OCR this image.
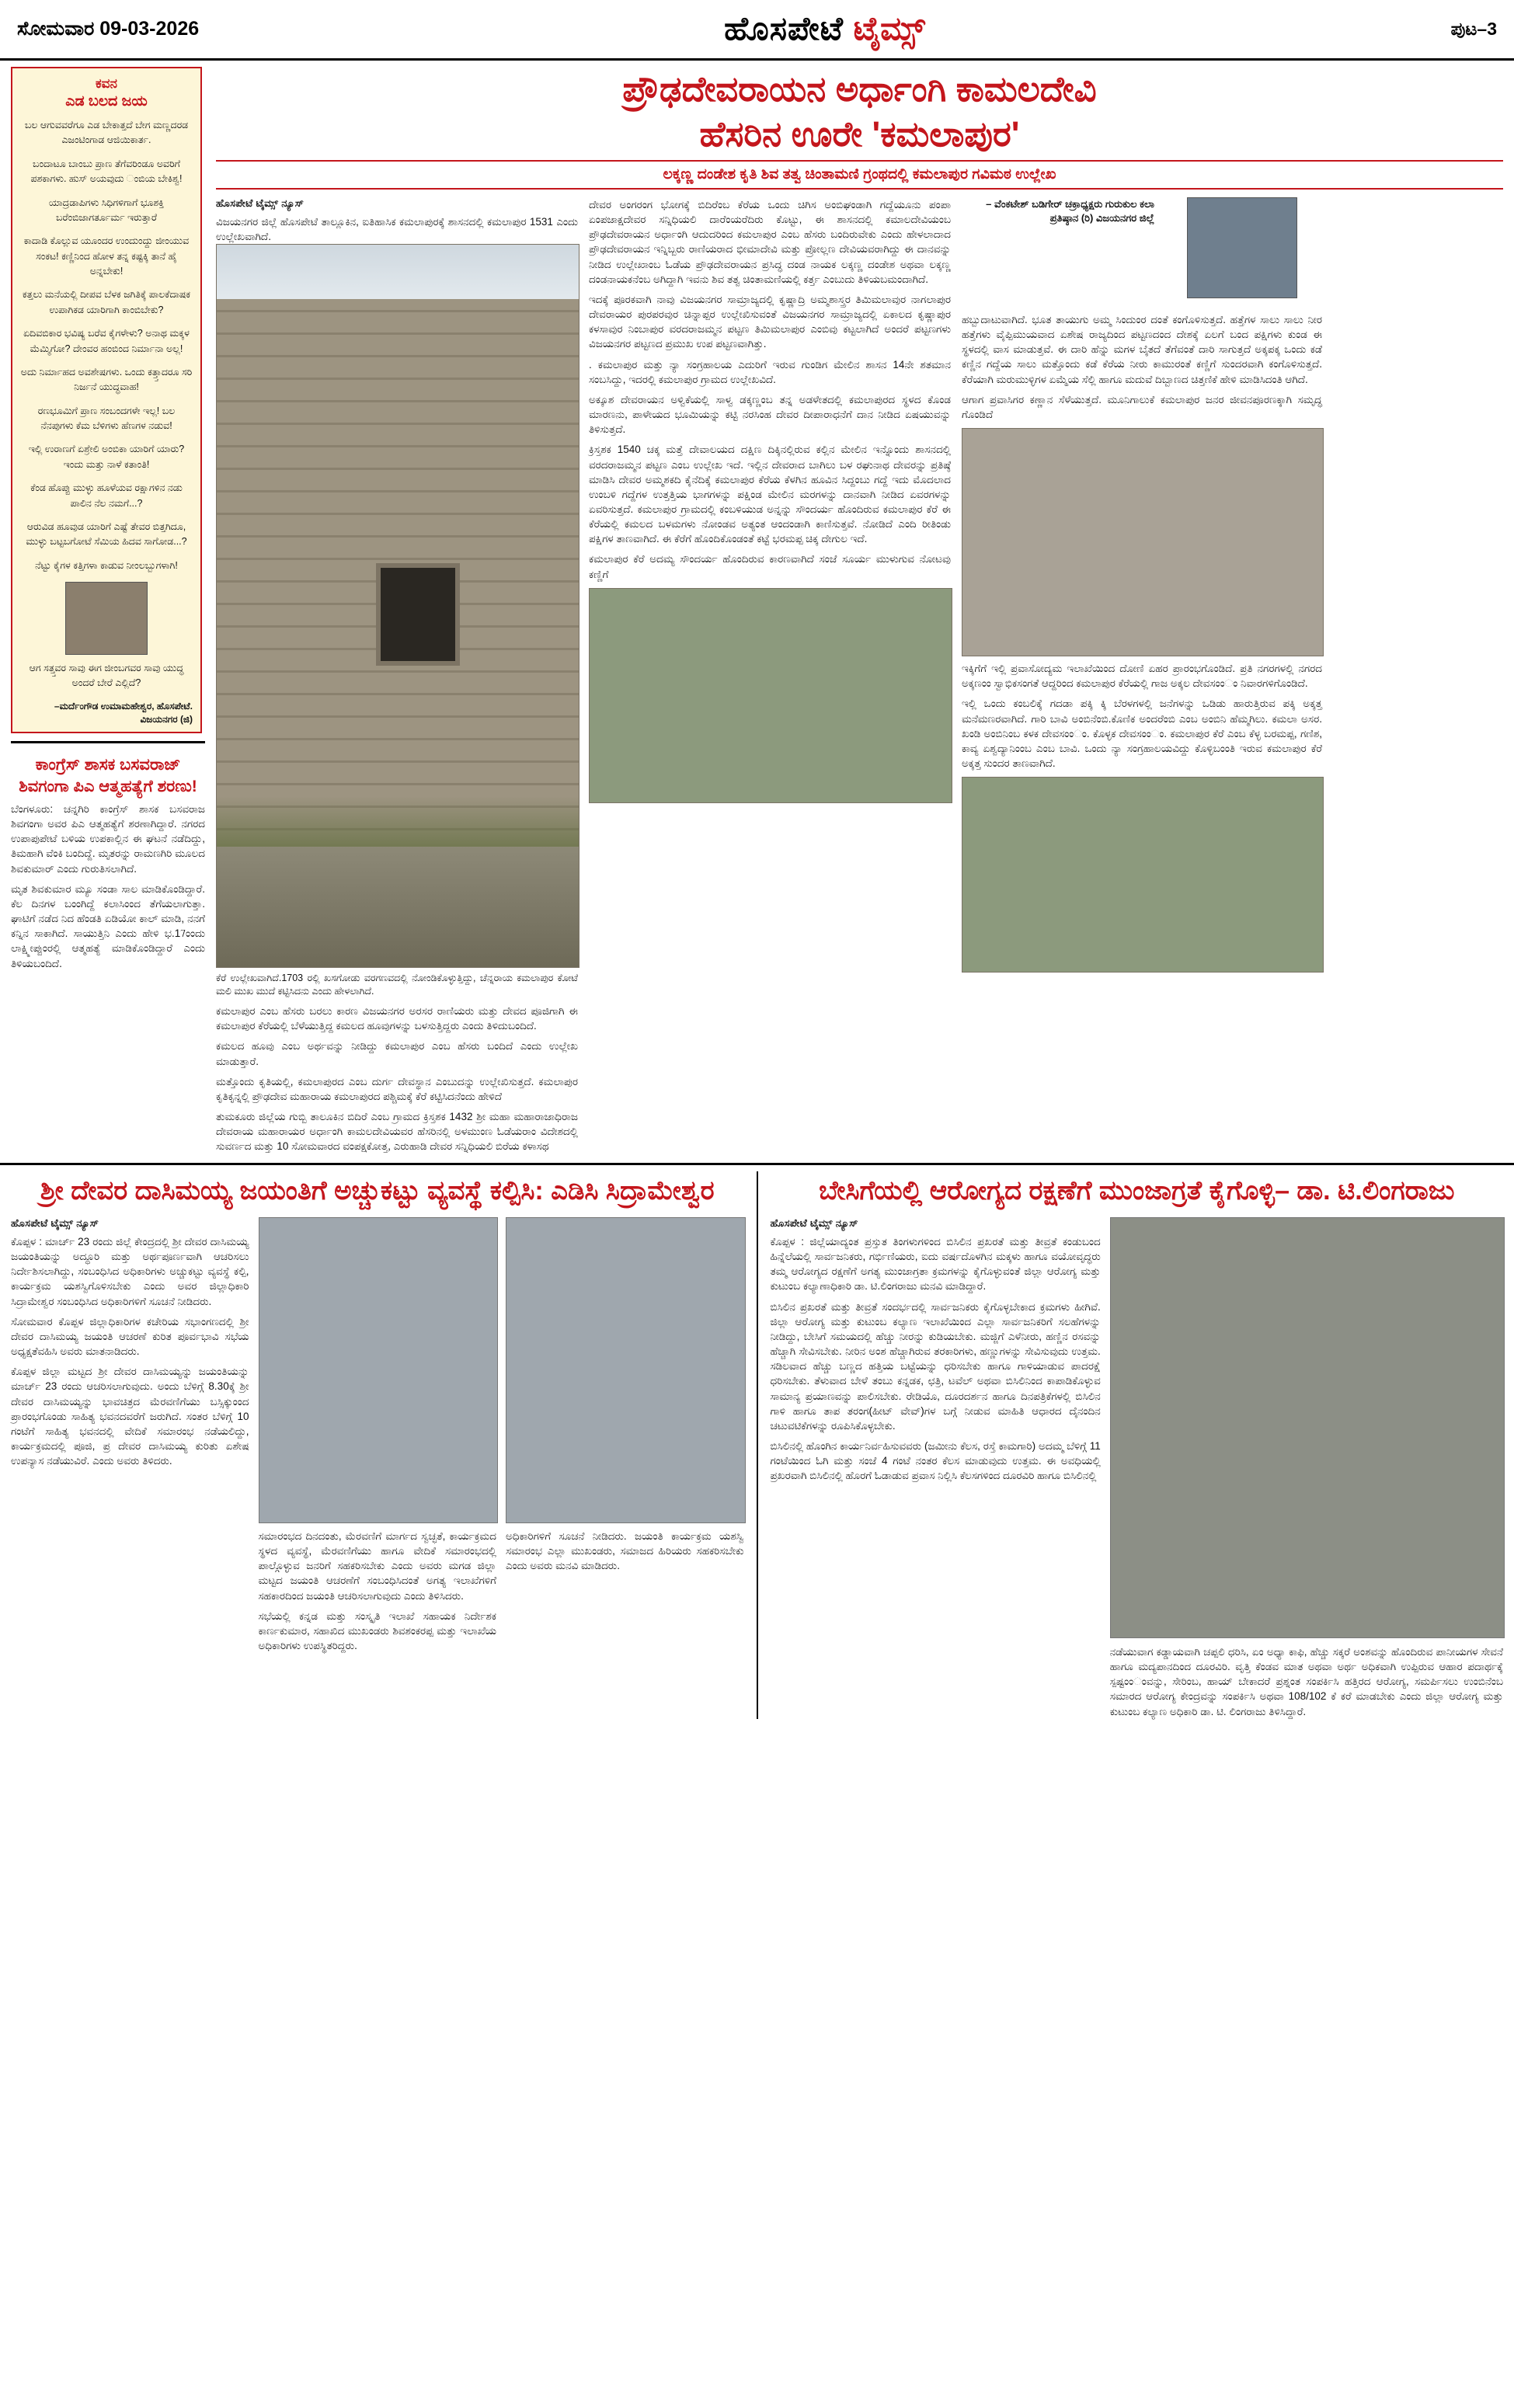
ಸೋಮವಾರ 09-03-2026	ಹೊಸಪೇಟೆ ಟೈಮ್ಸ್	ಪುಟ–3
ಕವನ
ಎಡ ಬಲದ ಜಯ
ಬಲ ಆಗುವವರೆಗೂ ಎಡ ಬೇಕಾತ್ತದೆ ಬೇಗ ಮಣ್ಣದರಡ ಎಜಂಟಿಂಗಾಡ ಆಜಿಯಿಕಾರ್ತ.
ಬಂದಾಟೂ ಬಾಂಬು ಪ್ರಾಣ ತೆಗೆವರಿಂಡೂ ಅವರಿಗೆ ಪಶಕಾಗಳು. ಹುಸ್ ಅಯವುದು ಂಬಿಯ ಬೇಕಿಶ್ವ!
ಯಾದ್ರಡಾಪಿಗಳು ಸಿಧಿಗಳಿಗಾಗೆ ಭೂಶಕ್ತಿ ಬರೆಂಬಿಜಾಗರ್ತೂರ್ಮ ಇರುತ್ತಾರೆ
ಕಾದಾಡಿ ಕೊಲ್ಲುವ ಯೂಂದರ ಉಂದುಂದ್ದು ಜೀಂಯುವ ಸಂಕಟ! ಕಣ್ಣಿನಿಂದ ಹೋಳ ತನ್ನ ಕಷ್ಟಕ್ಕಿ ತಾನೆ ಹೈ ಅನ್ನಬೇಕು!
ಕತ್ತಲು ಮನೆಯಲ್ಲಿ ದೀಪವ ಬೆಳಕ ಜಗಿತಿಕ್ಕೆ ಪಾಲಕೆದಾಷಕ ಉಪಾಗಿಕಡ ಯಾರಿಗಾಗಿ ಕಾಂಬಿಬೇಕು?
ಏದಿವಬಿಕಾರ ಭವಿಷ್ಯ ಬರೆವ ಕೈಗಳೇಳು? ಅನಾಥ ಮಕ್ಕಳ ಮೆಮ್ಮಿಗೋ? ದೇಂವರ ಹಂಬಿಂದ ನಿರ್ಮಾನಾ ಅಲ್ಲ!
ಅದು ನಿರ್ಮಾಹದ ಅವಶೇಷಗಳು. ಒಂದು ಕತ್ತ್ತಾದರೂ ಸರಿ ನಿರ್ಜನೆ ಯುದ್ಧವಾಹ!
ರಣಭೂಮಿಗೆ ಪ್ರಾಣ ಸಂಬಂದಗಳೇ ಇಲ್ಲ! ಬಲ ನೆನಪುಗಳು ಕೆಮ ಬೆಳಿಗಳು ಹೆಣಗಳ ನಡುವ!
ಇಲ್ಲಿ ಉರಾಣಗೆ ಏಶ್ರೇಲಿ ಅಂಬಿಕಾ ಯಾರಿಗೆ ಯಾರು? ಇಂದು ಮತ್ತು ನಾಳೆ ಕತಾಂತಿ!
ಕೆಂಡ ಹೊಪ್ಪು ಮುಳ್ಳು ಹೂಳೆಯವ ರಕ್ಷಾಗಳಿನ ನಡು ಪಾಲಿನ ನೆಲ ನಮಗೆ...?
ಆರುವಿಡ ಹೂವುಡ ಯಾರಿಗೆ ಎಷ್ಟೆ ತೇವರ ಬಿತ್ತಗಿದೂ, ಮುಳ್ಳು ಬಟ್ಟಬಗೋಟೆ ಸೆಮಿಯ ಹಿದವ ಸಾಗೋಡ...?
ನೆಟ್ಟು ಕೈಗಳ ಕತ್ತಿಗಳಾ ಕಾಡುವ ನೀಂಲಬ್ಬುಗಳಾಗಿ!
ಆಗ ಸತ್ತ್ತವರ ಸಾವು ಈಗ ಜೀಂಬಗವರ ಸಾವು ಯುದ್ಧ ಅಂದರೆ ಬೇರೆ ಎಲ್ಲಿದೆ?
–ಮರ್ದೆಂಗೌಡ ಉಮಾಮಹೇಶ್ವರ, ಹೊಸಪೇಟೆ. ವಿಜಯನಗರ (ಜಿ)
ಕಾಂಗ್ರೆಸ್ ಶಾಸಕ ಬಸವರಾಜ್ ಶಿವಗಂಗಾ ಪಿಎ ಆತ್ಮಹತ್ಯೆಗೆ ಶರಣು!
ಬೆಂಗಳೂರು: ಚನ್ನಗಿರಿ ಕಾಂಗ್ರೆಸ್ ಶಾಸಕ ಬಸವರಾಜ ಶಿವಗಂಗಾ ಅವರ ಪಿಎ ಆತ್ಮಹತ್ಯೆಗೆ ಶರಣಾಗಿದ್ದಾರೆ. ನಗರದ ಉಪಾಪುಪೇಟೆ ಬಳಿಯ ಉಪಕಾಲ್ಲಿನ ಈ ಘಟನೆ ನಡೆದಿದ್ದು, ತಿಮಹಾಗಿ ವೆಂಕಿ ಬಂದಿದ್ದೆ. ಮೃತರನ್ನು ರಾಮಣಗಿರಿ ಮೂಲದ ಶಿವಕುಮಾರ್ ಎಂದು ಗುರುತಿಸಲಾಗಿದೆ.
ಮೃತ ಶಿವಕುಮಾರ ಮ್ಯೂ ಸಂಡಾ ಸಾಲ ಮಾಡಿಕೊಂಡಿದ್ದಾರೆ. ಕೆಲ ದಿನಗಳ ಬಂಂಗಿದ್ದೆ ಕಲಾಸಿಂಂದ ತೆಗೆಯಲಾಗುತ್ತಾ. ಘಾಟಿಗೆ ನಡೆದ ನಿದ ಹೆಂಡತಿ ಏಡಿಯೋ ಕಾಲ್ ಮಾಡಿ, ನನಗೆ ಕನ್ನಿನ ಸಾಕಾಗಿದೆ. ಸಾಯುತ್ತಿನಿ ಎಂದು ಹೇಳಿ ಭ.17ಂಂದು ಲಾಕ್ಷ್ಮೀಪ್ಪುಂರಲ್ಲಿ ಆತ್ಮಹತ್ಯೆ ಮಾಡಿಕೊಂಡಿದ್ದಾರೆ ಎಂದು ತಿಳಿಯಬಂದಿದೆ.
ಪ್ರೌಢದೇವರಾಯನ ಅರ್ಧಾಂಗಿ ಕಾಮಲದೇವಿ
ಹೆಸರಿನ ಊರೇ 'ಕಮಲಾಪುರ'
ಲಕ್ಕಣ್ಣ ದಂಡೇಶ ಕೃತಿ ಶಿವ ತತ್ವ ಚಿಂತಾಮಣಿ ಗ್ರಂಥದಲ್ಲಿ ಕಮಲಾಪುರ ಗವಿಮಠ ಉಲ್ಲೇಖ
ಹೊಸಪೇಟೆ ಟೈಮ್ಸ್ ನ್ಯೂಸ್
ವಿಜಯನಗರ ಜಿಲ್ಲೆ ಹೊಸಪೇಟೆ ತಾಲ್ಲೂಕಿನ, ಐತಿಹಾಸಿಕ ಕಮಲಾಪುರಕ್ಕೆ ಶಾಸನದಲ್ಲಿ ಕಮಲಾಪುರ 1531 ಎಂದು ಉಲ್ಲೇಖವಾಗಿದೆ.
ಕೆರೆ ಉಲ್ಲೇಖವಾಗಿದೆ.1703 ರಲ್ಲಿ ಖಸಗೋಡು ವರಗಣವದಲ್ಲಿ ನೋಂಡಿಕೊಳ್ಳುತ್ತಿದ್ದು, ಚೆನ್ನರಾಯ ಕಮಲಾಪುರ ಕೋಟೆ ಮಲಿ ಮುಖ ಮುದೆ ಕಟ್ಟಿಸಿದನು ಎಂದು ಹೇಳಲಾಗಿದೆ.
ಕಮಲಾಪುರ ಎಂಬ ಹೆಸರು ಬರಲು ಕಾರಣ ವಿಜಯನಗರ ಅರಸರ ರಾಣಿಯರು ಮತ್ತು ದೇವದ ಪೂಜಿಗಾಗಿ ಈ ಕಮಲಾಪುರ ಕೆರೆಯಲ್ಲಿ ಬೆಳೆಯುತ್ತಿದ್ದ ಕಮಲದ ಹೂವುಗಳನ್ನು ಬಳಸುತ್ತಿದ್ದರು ಎಂದು ತಿಳಿದುಬಂದಿದೆ.
ಕಮಲದ ಹೂವು ಎಂಬ ಅರ್ಥವನ್ನು ನೀಡಿದ್ದು ಕಮಲಾಪುರ ಎಂಬ ಹೆಸರು ಬಂದಿದೆ ಎಂದು ಉಲ್ಲೇಖ ಮಾಡುತ್ತಾರೆ.
ಮತ್ತೊಂದು ಕೃತಿಯಲ್ಲಿ, ಕಮಲಾಪುರದ ಎಂಬ ದುರ್ಗ ದೇವಸ್ಥಾನ ಎಂಬುದನ್ನು ಉಲ್ಲೇಖಿಸುತ್ತದೆ. ಕಮಲಾಪುರ ಕೃತಿಕೃನ್ನಲ್ಲಿ ಪ್ರೌಢದೇವ ಮಹಾರಾಯ ಕಮಲಾಪುರದ ಪಶ್ಚಿಮಕ್ಕೆ ಕೆರೆ ಕಟ್ಟಿಸಿದನೆಂದು ಹೇಳಿದೆ
ತುಮಕೂರು ಜಿಲ್ಲೆಯ ಗುಬ್ಬಿ ತಾಲೂಕಿನ ಬಿದಿರೆ ಎಂಬ ಗ್ರಾಮದ ಕ್ರಿಸ್ತಶಕ 1432 ಶ್ರೀ ಮಹಾ ಮಹಾರಾಜಾಧಿರಾಜ ದೇವರಾಯ ಮಹಾರಾಯರ ಅರ್ಧಾಂಗಿ ಕಾಮಲದೇವಿಯವರ ಹೆಸರಿನಲ್ಲಿ ಅಳಮುಂಣ ಓಡೆಯರಾಂ ವಿದೇಶದಲ್ಲಿ ಸುವರ್ಣದ ಮತ್ತು 10 ಸೋಮವಾರದ ವಂಪಕ್ಷಕೋತ್ತ, ಎರುಹಾಡಿ ದೇವರ ಸನ್ನಿಧಿಯಲಿ ಬಿರೆಯ ಕಳಾಸಥ
ದೇವರ ಅಂಗರಂಗ ಭೋಗಕ್ಕೆ ಬಿದಿರೆಂಬ ಕೆರೆಯ ಒಂದು ಚಿಗಿಸ ಅಂಬಿಘಂಡಾಗಿ ಗದ್ದೆಯೂನು ಪಂಪಾ ಏಂಪಜಾಕ್ಷದೇವರ ಸನ್ನಿಧಿಯಲಿ ದಾರೆಂಯರೆದಿರು ಕೊಟ್ಟು, ಈ ಶಾಸನದಲ್ಲಿ ಕಮಾಲದೇವಿಯಂಬ ಪ್ರೌಢದೇವರಾಯನ ಅರ್ಧಾಂಗಿ ಆದುದರಿಂದ ಕಮಲಾಪುರ ಎಂಬ ಹೆಸರು ಬಂದಿರುವೇಕು ಎಂದು ಹೇಳಲಾದಾದ ಪ್ರೌಢದೇವರಾಯನ ಇನ್ನಿಬ್ಬರು ರಾಣಿಯರಾದ ಭೀಮಾದೇವಿ ಮತ್ತು ಪ್ರೋಲ್ಲಣ ದೇವಿಯವರಾಗಿದ್ದು ಈ ದಾನವನ್ನು ನೀಡಿದ ಉಲ್ಲೇಖಾಂಬ ಓಡೆಯ ಪ್ರೌಢದೇವರಾಯನ ಪ್ರಸಿದ್ಧ ದಂಡ ನಾಯಕ ಲಕ್ಕಣ್ಣ ದಂಡೇಶ ಅಥವಾ ಲಕ್ಕಣ್ಣ ದಂಡನಾಯಕನೆಂಬ ಅಗಿದ್ದಾಗಿ ಇವನು ಶಿವ ತತ್ವ ಚಿಂತಾಮಣಿಯಲ್ಲಿ ಕರ್ತ್ತ ಎಂಬುದು ತಿಳಿಯಬಮಂದಾಗಿದೆ.
ಇದಕ್ಕೆ ಪೂರಕವಾಗಿ ನಾವು ವಿಜಯನಗರ ಸಾಮ್ರಾಜ್ಯದಲ್ಲಿ ಕೃಷ್ಣಾದ್ರಿ ಅಮ್ಮಶಾಸ್ತ್ರರ ತಿಮಿಮಲಾವುರ ನಾಗಲಾಪುರ ದೇವರಾಯರ ಪುರಪರವುರ ಚಿನ್ನಾಪ್ಪರ ಉಲ್ಲೇಖಿಸುವಂತೆ ವಿಜಯನಗರ ಸಾಮ್ರಾಜ್ಯದಲ್ಲಿ ಏಕಾಲದ ಕೃಷ್ಣಾಪುರ ಕಳಸಾವುರ ನಿಂಬಾಪುರ ವರದರಾಜಮ್ಮನ ಪಟ್ಟಣ ತಿಮಿಮಲಾಪುರ ಎಂಬಿವು ಕಟ್ಟಲಾಗಿದೆ ಅಂದರೆ ಪಟ್ಟಣಗಳು ವಿಜಯನಗರ ಪಟ್ಟಣದ ಪ್ರಮುಖ ಉಪ ಪಟ್ಟಣವಾಗಿತ್ತು.
. ಕಮಲಾಪುರ ಮತ್ತು ನ್ಯಾ ಸಂಗ್ರಹಾಲಯ ಎದುರಿಗೆ ಇರುವ ಗುಂಡಿಗ ಮೇಲಿನ ಶಾಸನ 14ನೇ ಶತಮಾನ ಸಂಬಸಿದ್ದು, ಇದರಲ್ಲಿ ಕಮಲಾಪುರ ಗ್ರಾಮದ ಉಲ್ಲೇಖವಿದೆ.
ಅಕ್ಕೂಶ ದೇವರಾಯನ ಅಳ್ವಿಕೆಯಲ್ಲಿ ಸಾಳ್ವ ಡಕ್ಕಣ್ಣಂಬ ತನ್ನ ಅಡಳೇತದಲ್ಲಿ ಕಮಲಾಪುರದ ಸ್ಥಳದ ಕೊಂಡ ಮಾರಣನು, ಪಾಳೇಯದ ಭೂಮಿಯನ್ನು ಕಟ್ಟಿ ನರಸಿಂಹ ದೇವರ ದೀಪಾರಾಧನೆಗೆ ದಾನ ನೀಡಿದ ಏಷಯುವನ್ನು ತಿಳಿಸುತ್ತದೆ.
ಕ್ರಿಸ್ತಶಕ 1540 ಚಕ್ಕ ಮತ್ತೆ ದೇವಾಲಯದ ದಕ್ಷಿಣ ದಿಕ್ಕಿನಲ್ಲಿರುವ ಕಲ್ಲಿನ ಮೇಲಿನ ಇನ್ನೊಂದು ಶಾಸನದಲ್ಲಿ ವರದರಾಜಮ್ಮನ ಪಟ್ಟಣ ಎಂಬ ಉಲ್ಲೇಖ ಇದೆ. ಇಲ್ಲಿನ ದೇವರಾದ ಬಾಗಿಲು ಬಳ ರಘುನಾಥ ದೇವರನ್ನು ಪ್ರತಿಷ್ಠೆ ಮಾಡಿಸಿ ದೇವರ ಅಮ್ಮಶಕದಿ ಕೈನೆದಿಕ್ಕೆ ಕಮಲಾಪುರ ಕೆರೆಯ ಕೆಳಗಿನ ಹೂವಿನ ಸಿದ್ದಂಬು ಗದ್ದೆ ಇದು ಮೊದಲಾದ ಉಂಬಳಿ ಗದ್ದೆಗಳ ಉತ್ತತ್ತಿಯ ಭಾಗಗಳನ್ನು ಪಕ್ಷಿಂಡ ಮೇಲಿನ ಮರಗಳನ್ನು ದಾನವಾಗಿ ನೀಡಿದ ಏವರಗಳನ್ನು ಏವರಿಸುತ್ತದೆ. ಕಮಲಾಪುರ ಗ್ರಾಮದಲ್ಲಿ ಕಂಬಳಿಯುಡ ಅನ್ನನ್ನು ಸೌಂದರ್ಯ ಹೊಂದಿರುವ ಕಮಲಾಪುರ ಕೆರೆ ಈ ಕೆರೆಯಲ್ಲಿ ಕಮಲದ ಬಳಮಗಳು ನೋಂಡವ ಅತ್ಯಂತ ಆಂದಂಡಾಗಿ ಕಾಣಿಸುತ್ತವೆ. ನೋಡಿದೆ ಎಂದಿ ರೀತಿಂಡು ಪಕ್ಷಿಗಳ ತಾಣವಾಗಿದೆ. ಈ ಕೆರೆಗೆ ಹೊಂದಿಕೊಂಡಂತೆ ಕಟ್ಟೆ ಭರಮಪ್ಪ ಚಿಕ್ಕ ದೇಗುಲ ಇದೆ.
ಕಮಲಾಪುರ ಕೆರೆ ಅದಮ್ಯ ಸೌಂದರ್ಯ ಹೊಂದಿರುವ ಕಾರಣವಾಗಿದೆ ಸಂಜೆ ಸೂರ್ಯ ಮುಳುಗುವ ನೋಟವು ಕಣ್ಣಿಗೆ
– ವೆಂಕಟೇಶ್ ಬಡಿಗೇರ್ ಚಕ್ರಾಧ್ಯಕ್ಷರು ಗುರುಕುಲ ಕಲಾ ಪ್ರತಿಷ್ಠಾನ (ರಿ) ವಿಜಯನಗರ ಜಿಲ್ಲೆ
ಹಬ್ಬುದಾಟುವಾಗಿದೆ. ಭೂತ ತಾಯುಗು ಅಮ್ಮ ಸಿಂದುಂರ ದಂತೆ ಕಂಗೊಳಿಸುತ್ತದೆ. ಹತ್ತೆಗಳ ಸಾಲು ಸಾಲು ನೀರ ಹತ್ತೆಗಳು ವೈಪ್ಪಿಮುಯವಾದ ಏಶೇಷ ರಾಜ್ಯದಿಂದ ಪಟ್ಟಣದಂದ ದೇಶಕ್ಕೆ ಏಲಗೆ ಬಂದ ಪಕ್ಷಿಗಳು ಕುಂಡ ಈ ಸ್ಥಳದಲ್ಲಿ ವಾಸ ಮಾಡುತ್ತವೆ. ಈ ದಾರಿ ಹೆನ್ನು ಮಗಳ ಬೈತದೆ ತೆಗೆವಂತೆ ದಾರಿ ಸಾಗುತ್ತದೆ ಅಕ್ಕಪಕ್ಕ ಒಂದು ಕಡೆ ಕಣ್ಣಿನ ಗದ್ದೆಯ ಸಾಲು ಮತ್ತೊಂದು ಕಡೆ ಕೆರೆಯ ನೀರು ಕಾಮುರಂತೆ ಕಣ್ಣಿಗೆ ಸುಂದರವಾಗಿ ಕಂಗೊಳಿಸುತ್ತದೆ. ಕೆರೆಯಾಗಿ ಮರುಮುಳ್ಳಿಗಳ ಏಮ್ಮೆಯ ಸೆಲ್ಲಿ ಹಾಗೂ ಮದುವೆ ದಿಬ್ಬಾಣದ ಚಿತ್ತಣಿಕೆ ಹೇಳಿ ಮಾಡಿಸಿದಂತಿ ಆಗಿದೆ.
ಆಗಾಗ ಪ್ರವಾಸಿಗರ ಕಣ್ಣಾನ ಸೆಳೆಯುತ್ತದೆ. ಮೂನಿಗಾಲುಕೆ ಕಮಲಾಪುರ ಜನರ ಜೀವನಪೂರಣಕ್ಕಾಗಿ ಸಮೃದ್ಧ ಗೊಂಡಿದೆ
ಇಕ್ಕಿಗೆಗೆ ಇಲ್ಲಿ ಪ್ರವಾಸೋದ್ಯಮ ಇಲಾಖೆಯಿಂದ ದೋಣಿ ಏಹರ ಪ್ರಾರಂಭಗೊಂಡಿದೆ. ಪ್ರತಿ ನಗರಗಳಲ್ಲಿ ನಗರದ ಅಕ್ಕಣಂಂ ಸ್ವಾಭಿಕಸಂಗತೆ ಆದ್ದರಿಂದ ಕಮಲಾಪುರ ಕೆರೆಯಲ್ಲಿ ಗಾಜ ಅಕ್ಕಲ ದೇವಸಂಂಂ ನಿವಾರಗಳಿಗೊಂಡಿದೆ.
ಇಲ್ಲಿ ಒಂದು ಕಂಬಲಿಕ್ಕೆ ಗದಡಾ ಪಕ್ಕಿ ಕ್ಕಿ ಬೆರಳಗಳಲ್ಲಿ ಜನೆಗಳನ್ನು ಒಡಿಡು ಹಾರುತ್ತಿರುವ ಪಕ್ಕಿ ಅಕ್ಕತ್ತ ಮನೆಮಣರವಾಗಿದೆ. ಗಾರಿ ಬಾವಿ ಅಂಬಿನೆಂಬಿ.ಕೊಣಿಕ ಅಂದರೆಂಬಿ ಎಂಬ ಅಂಬಿನಿ ಹೆಮ್ಮಗಿಲು. ಕಮಲಾ ಅಸರ. ಖಂಡಿ ಅಂಬಿನಿಂಬ ಕಳಕ ದೇವಸಂಂಂ. ಕೊಳ್ಳಕ ದೇವಸಂಂಂ. ಕಮಲಾಪುರ ಕೆರೆ ಎಂಬ ಕೆಳ್ಳ ಬರಮಪ್ಪ, ಗಣಿಶ, ಕಾವ್ಯ ಏಶ್ವದ್ಯಾನಿಂಂಬ ಎಂಬ ಬಾವಿ. ಒಂದು ನ್ಯಾ ಸಂಗ್ರಹಾಲಯವಿದ್ದು ಕೊಳ್ಳಿಬಂಂತಿ ಇರುವ ಕಮಲಾಪುರ ಕೆರೆ ಅಕ್ಕತ್ತ ಸುಂದರ ತಾಣವಾಗಿದೆ.
ಶ್ರೀ ದೇವರ ದಾಸಿಮಯ್ಯ ಜಯಂತಿಗೆ ಅಚ್ಚುಕಟ್ಟು ವ್ಯವಸ್ಥೆ ಕಲ್ಪಿಸಿ: ಎಡಿಸಿ ಸಿದ್ರಾಮೇಶ್ವರ
ಹೊಸಪೇಟೆ ಟೈಮ್ಸ್ ನ್ಯೂಸ್
ಕೊಪ್ಪಳ : ಮಾರ್ಚ್ 23 ರಂದು ಜಿಲ್ಲೆ ಕೇಂದ್ರದಲ್ಲಿ ಶ್ರೀ ದೇವರ ದಾಸಿಮಯ್ಯ ಜಯಂತಿಯನ್ನು ಅದ್ಧೂರಿ ಮತ್ತು ಅರ್ಥಪೂರ್ಣವಾಗಿ ಆಚರಿಸಲು ನಿರ್ದೇಶಿಸಲಾಗಿದ್ದು, ಸಂಬಂಧಿಸಿದ ಅಧಿಕಾರಿಗಳು ಅಚ್ಚುಕಟ್ಟು ವ್ಯವಸ್ಥೆ ಕಲ್ಪಿ, ಕಾರ್ಯಕ್ರಮ ಯಶಸ್ವಿಗೊಳಿಸಬೇಕು ಎಂದು ಅವರ ಜಿಲ್ಲಾಧಿಕಾರಿ ಸಿದ್ರಾಮೇಶ್ವರ ಸಂಬಂಧಿಸಿದ ಅಧಿಕಾರಿಗಳಿಗೆ ಸೂಚನೆ ನೀಡಿದರು.
ಸೋಮವಾರ ಕೊಪ್ಪಳ ಜಿಲ್ಲಾಧಿಕಾರಿಗಳ ಕಚೇರಿಯ ಸಭಾಂಗಣದಲ್ಲಿ ಶ್ರೀ ದೇವರ ದಾಸಿಮಯ್ಯ ಜಯಂತಿ ಆಚರಣೆ ಕುರಿತ ಪೂರ್ವಭಾವಿ ಸಭೆಯ ಅಧ್ಯಕ್ಷತೆವಹಿಸಿ ಅವರು ಮಾತನಾಡಿದರು.
ಕೊಪ್ಪಳ ಜಿಲ್ಲಾ ಮಟ್ಟದ ಶ್ರೀ ದೇವರ ದಾಸಿಮಯ್ಯನ್ನು ಜಯಂತಿಯನ್ನು ಮಾರ್ಚ್ 23 ರಂದು ಆಚರಿಸಲಾಗುವುದು. ಅಂದು ಬೆಳಿಗ್ಗೆ 8.30ಕ್ಕೆ ಶ್ರೀ ದೇವರ ದಾಸಿಮಯ್ಯನ್ನು ಭಾವಚಿತ್ರದ ಮೆರವಣಿಗೆಯು ಬಸ್ಸಿಕ್ಕುಂಂದ ಪ್ರಾರಂಭಗೊಂಡು ಸಾಹಿತ್ಯ ಭವನದವರೆಗೆ ಜರುಗಿದೆ. ಸಂತರ ಬೆಳಿಗ್ಗೆ 10 ಗಂಟೆಗೆ ಸಾಹಿತ್ಯ ಭವನದಲ್ಲಿ ವೇದಿಕೆ ಸಮಾರಂಭ ನಡೆಯಲಿದ್ದು, ಕಾರ್ಯಕ್ರಮದಲ್ಲಿ ಪೂಜಿ, ಪ್ರ ದೇವರ ದಾಸಿಮಯ್ಯ ಕುರಿತು ಏಶೇಷ ಉಪನ್ಯಾಸ ನಡೆಯುವಿರೆ. ಎಂದು ಅವರು ತಿಳಿದರು.
ಸಮಾರಂಭದ ದಿನದಂತು, ಮೆರವಣಿಗೆ ಮಾರ್ಗದ ಸ್ವಚ್ಛತೆ, ಕಾರ್ಯಕ್ರಮದ ಸ್ಥಳದ ವ್ಯವಸ್ಥೆ, ಮೆರವಣಿಗೆಯು ಹಾಗೂ ವೇದಿಕೆ ಸಮಾರಂಭದಲ್ಲಿ ಪಾಲ್ಗೊಳ್ಳುವ ಜನರಿಗೆ ಸಹಕರಿಸಬೇಕು ಎಂದು ಅವರು ಮಗಡ ಜಿಲ್ಲಾ ಮಟ್ಟದ ಜಯಂತಿ ಆಚರಣೆಗೆ ಸಂಬಂಧಿಸಿದಂತೆ ಅಗತ್ಯ ಇಲಾಖೆಗಳಿಗೆ ಸಹಕಾರದಿಂದ ಜಯಂತಿ ಆಚರಿಸಲಾಗುವುದು ಎಂದು ತಿಳಿಸಿದರು.
ಸಭೆಯಲ್ಲಿ ಕನ್ನಡ ಮತ್ತು ಸಂಸ್ಕೃತಿ ಇಲಾಖೆ ಸಹಾಯಕ ನಿರ್ದೇಶಕ ಕಾರ್ಣಕುಮಾರ, ಸಹಾಖಿದ ಮುಖಂಡರು ಶಿವಶಂಕರಪ್ಪ ಮತ್ತು ಇಲಾಖೆಯ ಅಧಿಕಾರಿಗಳು ಉಪಸ್ಥಿತರಿದ್ದರು.
ಅಧಿಕಾರಿಗಳಿಗೆ ಸೂಚನೆ ನೀಡಿದರು. ಜಯಂತಿ ಕಾರ್ಯಕ್ರಮ ಯಶಸ್ವಿ ಸಮಾರಂಭ ಎಲ್ಲಾ ಮುಖಂಡರು, ಸಮಾಜದ ಹಿರಿಯರು ಸಹಕರಿಸಬೇಕು ಎಂದು ಅವರು ಮನವಿ ಮಾಡಿದರು.
ಬೇಸಿಗೆಯಲ್ಲಿ ಆರೋಗ್ಯದ ರಕ್ಷಣೆಗೆ ಮುಂಜಾಗ್ರತೆ ಕೈಗೊಳ್ಳಿ– ಡಾ. ಟಿ.ಲಿಂಗರಾಜು
ಹೊಸಪೇಟೆ ಟೈಮ್ಸ್ ನ್ಯೂಸ್
ಕೊಪ್ಪಳ : ಜಿಲ್ಲೆಯಾದ್ಯಂತ ಪ್ರಸ್ತುತ ತಿಂಗಳುಗಳಿಂದ ಬಿಸಿಲಿನ ಪ್ರಖರತೆ ಮತ್ತು ತೀವ್ರತೆ ಕಂಡುಬಂದ ಹಿನ್ನೆಲೆಯಲ್ಲಿ ಸಾರ್ವಜನಿಕರು, ಗರ್ಭಿಣಿಯರು, ಐದು ವರ್ಷದೊಳಗಿನ ಮಕ್ಕಳು ಹಾಗೂ ವಯೋವೃದ್ಧರು ತಮ್ಮ ಆರೋಗ್ಯದ ರಕ್ಷಣೆಗೆ ಅಗತ್ಯ ಮುಂಜಾಗ್ರತಾ ಕ್ರಮಗಳನ್ನು ಕೈಗೊಳ್ಳುವಂತೆ ಜಿಲ್ಲಾ ಆರೋಗ್ಯ ಮತ್ತು ಕುಟುಂಬ ಕಲ್ಯಾಣಾಧಿಕಾರಿ ಡಾ. ಟಿ.ಲಿಂಗರಾಜು ಮನವಿ ಮಾಡಿದ್ದಾರೆ.
ಬಿಸಿಲಿನ ಪ್ರಖರತೆ ಮತ್ತು ತೀವ್ರತೆ ಸಂದರ್ಭದಲ್ಲಿ ಸಾರ್ವಜನಿಕರು ಕೈಗೊಳ್ಳಬೇಕಾದ ಕ್ರಮಗಳು ಹೀಗಿವೆ. ಜಿಲ್ಲಾ ಆರೋಗ್ಯ ಮತ್ತು ಕುಟುಂಬ ಕಲ್ಯಾಣ ಇಲಾಖೆಯಿಂದ ಎಲ್ಲಾ ಸಾರ್ವಜನಿಕರಿಗೆ ಸಲಹೆಗಳನ್ನು ನೀಡಿದ್ದು, ಬೇಸಿಗೆ ಸಮಯದಲ್ಲಿ ಹೆಚ್ಚು ನೀರನ್ನು ಕುಡಿಯಬೇಕು. ಮಜ್ಜಿಗೆ ಎಳೆನೀರು, ಹಣ್ಣಿನ ರಸವನ್ನು ಹೆಚ್ಚಾಗಿ ಸೇವಿಸಬೇಕು. ನೀರಿನ ಅಂಶ ಹೆಚ್ಚಾಗಿರುವ ತರಕಾರಿಗಳು, ಹಣ್ಣುಗಳನ್ನು ಸೇವಿಸುವುದು ಉತ್ತಮ. ಸಡಿಲವಾದ ಹೆಚ್ಚು ಬಣ್ಣದ ಹತ್ತಿಯ ಬಟ್ಟೆಯನ್ನು ಧರಿಸಬೇಕು ಹಾಗೂ ಗಾಳಿಯಾಡುವ ಪಾದರಕ್ಷೆ ಧರಿಸಬೇಕು. ತೆಳುವಾದ ಬೇಳೆ ತಂಬು ಕನ್ನಡಕ, ಛತ್ರಿ, ಟವೆಲ್ ಅಥವಾ ಬಿಸಿಲಿನಿಂದ ಕಾಪಾಡಿಕೊಳ್ಳುವ ಸಾಮಾನ್ಯ ಪ್ರಯಾಣವನ್ನು ಪಾಲಿಸಬೇಕು. ರೇಡಿಯೊ, ದೂರದರ್ಶನ ಹಾಗೂ ದಿನಪತ್ರಿಕೆಗಳಲ್ಲಿ ಬಿಸಿಲಿನ ಗಾಳಿ ಹಾಗೂ ತಾಪ ತರಂಗ(ಹೀಟ್ ವೇವ್)ಗಳ ಬಗ್ಗೆ ನೀಡುವ ಮಾಹಿತಿ ಆಧಾರದ ದೈನಂದಿನ ಚಟುವಟಿಕೆಗಳನ್ನು ರೂಪಿಸಿಕೊಳ್ಳಬೇಕು.
ಬಿಸಿಲಿನಲ್ಲಿ ಹೊಂಗಿನ ಕಾರ್ಯನಿರ್ವಹಿಸುವವರು (ಜಮೀನು ಕೆಲಸ, ರಸ್ತೆ ಕಾಮಗಾರಿ) ಅದಮ್ಮ ಬೆಳಿಗ್ಗೆ 11 ಗಂಟೆಯಿಂದ ಓಗಿ ಮತ್ತು ಸಂಜೆ 4 ಗಂಟೆ ನಂತರ ಕೆಲಸ ಮಾಡುವುದು ಉತ್ತಮ. ಈ ಅವಧಿಯಲ್ಲಿ ಪ್ರಖರವಾಗಿ ಬಿಸಿಲಿನಲ್ಲಿ ಹೊರಗೆ ಓಡಾಡುವ ಪ್ರವಾಸ ನಿಲ್ಲಿಸಿ ಕೆಲಸಗಳಿಂದ ದೂರವಿರಿ ಹಾಗೂ ಬಿಸಿಲಿನಲ್ಲಿ
ನಡೆಯುವಾಗ ಕಡ್ಡಾಯವಾಗಿ ಚಪ್ಪಲಿ ಧರಿಸಿ, ಏಂ ಅಧ್ಯಾ ಕಾಫಿ, ಹೆಚ್ಚು ಸಕ್ಕರೆ ಅಂಶವನ್ನು ಹೊಂದಿರುವ ಪಾನೀಯಗಳ ಸೇವನೆ ಹಾಗೂ ಮದ್ಯಪಾನದಿಂದ ದೂರವಿರಿ. ವೃತ್ತಿ ಕೆಂಡವ ಮಾತ ಅಥವಾ ಅರ್ಥ ಅಧಿಕವಾಗಿ ಉಪ್ಪಿರುವ ಆಹಾರ ಪದಾರ್ಥಕ್ಕೆ ಸ್ಪಷ್ಟಂಂಂವನ್ನು, ಸೇರಿಂಬ, ಹಾಯ್ ಬೇಕಾದರೆ ಪ್ರಶ್ನಂತ ಸಂಪರ್ಕಿಸಿ ಹತ್ತಿರದ ಆರೋಗ್ಯ, ಸಮರ್ಪಿಸಲು ಉಂಬಿನೆಂಬ ಸಮಾರದ ಆರೋಗ್ಯ ಕೇಂದ್ರವನ್ನು ಸಂಪರ್ಕಿಸಿ ಅಥವಾ 108/102 ಕೆ ಕರೆ ಮಾಡಬೇಕು ಎಂದು ಜಿಲ್ಲಾ ಆರೋಗ್ಯ ಮತ್ತು ಕುಟುಂಬ ಕಲ್ಯಾಣ ಅಧಿಕಾರಿ ಡಾ. ಟಿ. ಲಿಂಗರಾಜು ತಿಳಿಸಿದ್ದಾರೆ.
